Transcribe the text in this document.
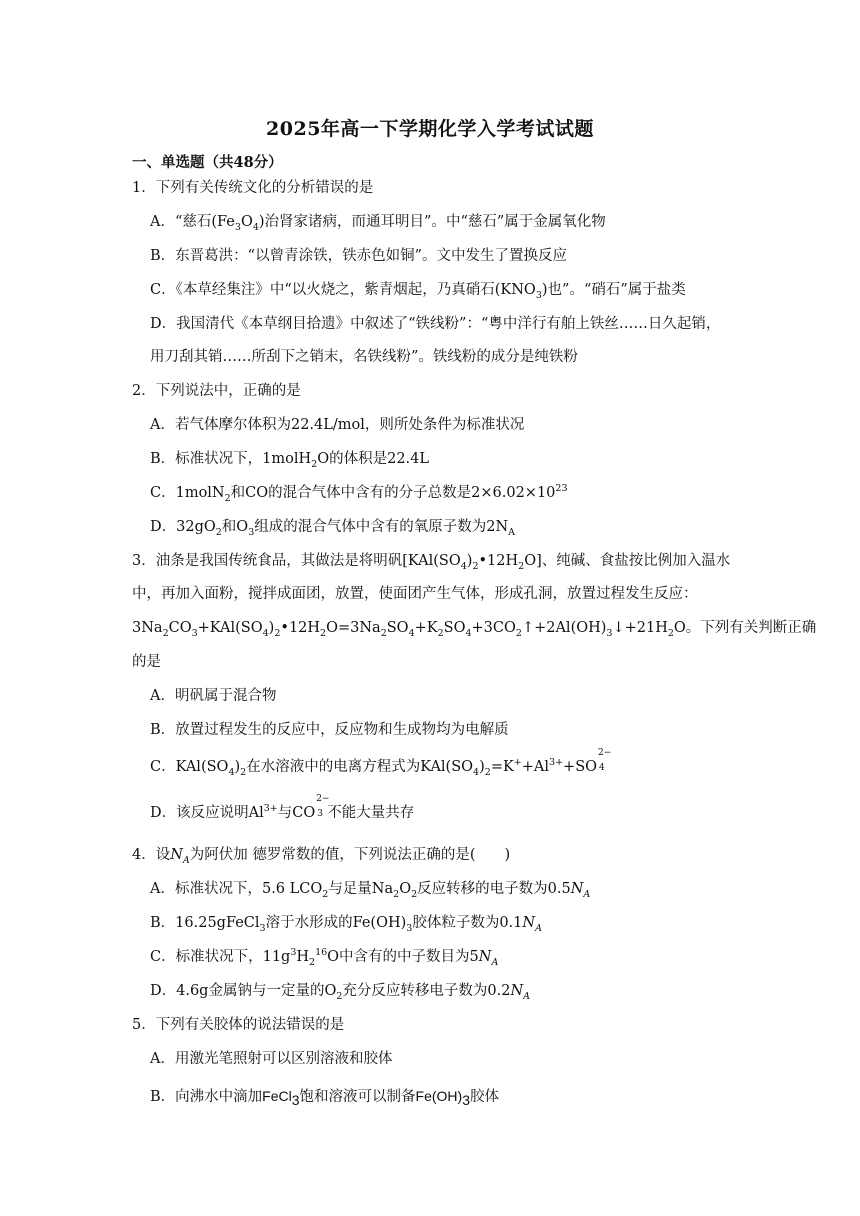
2025年高一下学期化学入学考试试题
一、单选题（共48分）
1．下列有关传统文化的分析错误的是
A．“慈石$(Fe_3O_4)$治肾家诸病，而通耳明目”。中“慈石”属于金属氧化物
B．东晋葛洪：“以曾青涂铁，铁赤色如铜”。文中发生了置换反应
C．《本草经集注》中“以火烧之，紫青烟起，乃真硝石$(KNO_3)$也”。“硝石”属于盐类
D．我国清代《本草纲目拾遗》中叙述了“铁线粉”：“粤中洋行有舶上铁丝……日久起销，
用刀刮其销……所刮下之销末，名铁线粉”。铁线粉的成分是纯铁粉
2．下列说法中，正确的是
A．若气体摩尔体积为22.4L/mol，则所处条件为标准状况
B．标准状况下，1molH$_2$O的体积是22.4L
C．1molN$_2$和CO的混合气体中含有的分子总数是$2\times 6.02\times 10^{23}$
D．$32gO_2$和$O_3$组成的混合气体中含有的氧原子数为$2N_A$
3．油条是我国传统食品，其做法是将明矾$[KAl(SO_4)_2•12H_2O]$、纯碱、食盐按比例加入温水
中，再加入面粉，搅拌成面团，放置，使面团产生气体，形成孔洞，放置过程发生反应：
$3Na_2CO_3+KAl(SO_4)_2•12H_2O=3Na_2SO_4+K_2SO_4+3CO_2↑+2Al(OH)_3↓+21H_2O$。下列有关判断正确
的是
A．明矾属于混合物
B．放置过程发生的反应中，反应物和生成物均为电解质
C．$KAl(SO_4)_2$在水溶液中的电离方程式为$KAl(SO_4)_2=K^++Al^{3+}+SO$
2−
4
D．该反应说明$Al^{3+}$与CO
2−
3 不能大量共存
4．设$N_A$为阿伏加 德罗常数的值，下列说法正确的是(　　)
A．标准状况下，5.6 $LCO_2$与足量$Na_2O_2$反应转移的电子数为$0.5N_A$
B．16.25gFeCl$_3$溶于水形成的$Fe(OH)_3$胶体粒子数为$0.1N_A$
C．标准状况下，$11g^3H_2^{16}O$中含有的中子数目为$5N_A$
D．4.6g金属钠与一定量的$O_2$充分反应转移电子数为$0.2N_A$
5．下列有关胶体的说法错误的是
A．用激光笔照射可以区别溶液和胶体
B．向沸水中滴加FeCl$_3$饱和溶液可以制备$Fe(OH)_3$胶体
